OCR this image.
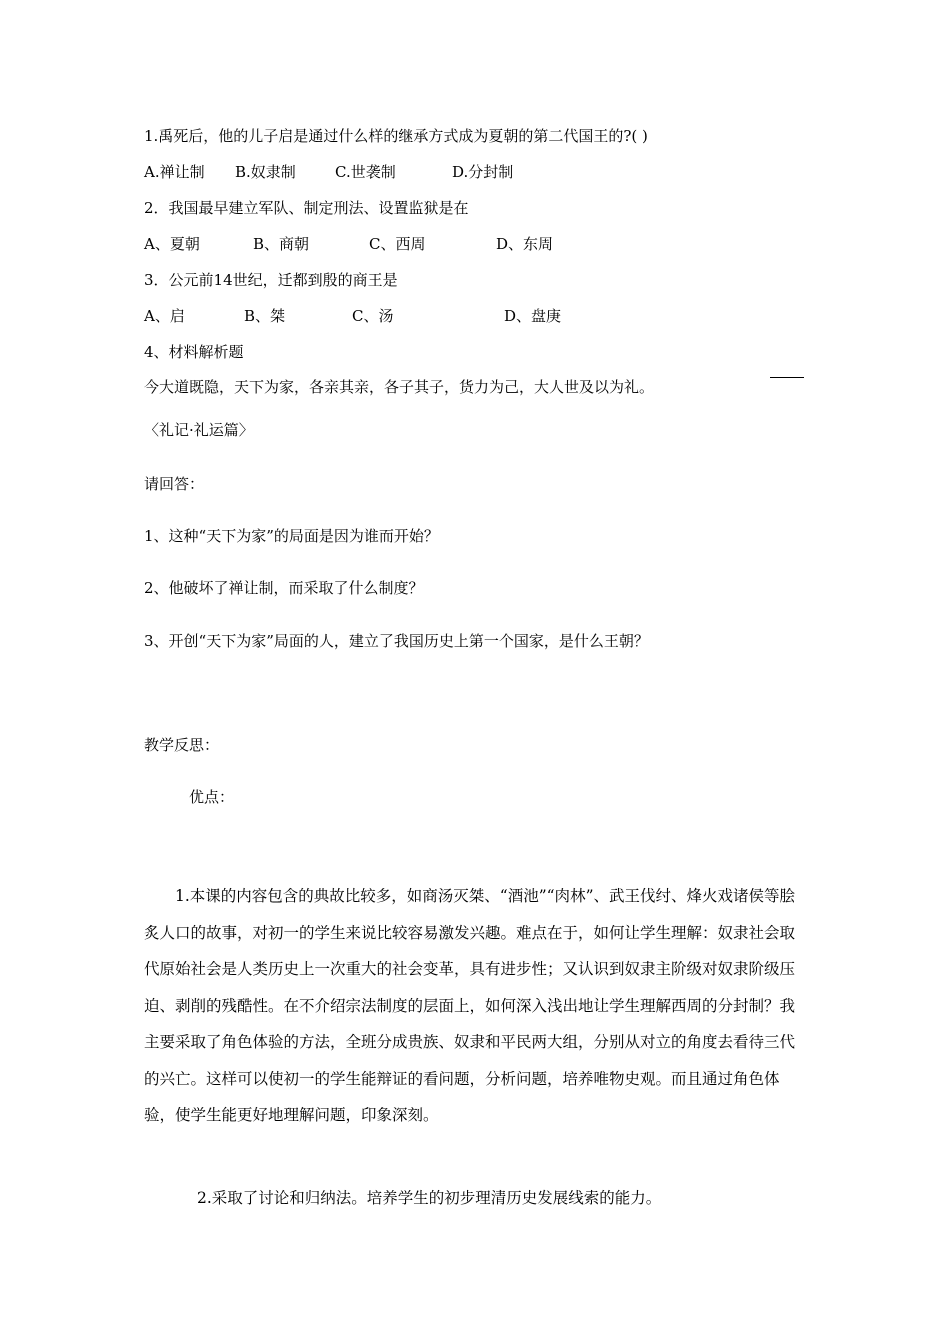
1.禹死后，他的儿子启是通过什么样的继承方式成为夏朝的第二代国王的?( )
A.禅让制 B.奴隶制	C.世袭制	D.分封制
2．我国最早建立军队、制定刑法、设置监狱是在
A、夏朝	B、商朝	C、西周	D、东周
3．公元前14世纪，迁都到殷的商王是
A、启	B、桀	C、汤	D、盘庚
4、材料解析题
今大道既隐，天下为家，各亲其亲，各子其子，货力为己，大人世及以为礼。
〈礼记·礼运篇〉
请回答：
1、这种“天下为家”的局面是因为谁而开始？
2、他破坏了禅让制，而采取了什么制度？
3、开创“天下为家”局面的人，建立了我国历史上第一个国家，是什么王朝？
教学反思：
优点：
1.本课的内容包含的典故比较多，如商汤灭桀、“酒池”“肉林”、武王伐纣、烽火戏诸侯等脍炙人口的故事，对初一的学生来说比较容易激发兴趣。难点在于，如何让学生理解：奴隶社会取代原始社会是人类历史上一次重大的社会变革，具有进步性；又认识到奴隶主阶级对奴隶阶级压迫、剥削的残酷性。在不介绍宗法制度的层面上，如何深入浅出地让学生理解西周的分封制？我主要采取了角色体验的方法，全班分成贵族、奴隶和平民两大组，分别从对立的角度去看待三代的兴亡。这样可以使初一的学生能辩证的看问题，分析问题，培养唯物史观。而且通过角色体验，使学生能更好地理解问题，印象深刻。
2.采取了讨论和归纳法。培养学生的初步理清历史发展线索的能力。
